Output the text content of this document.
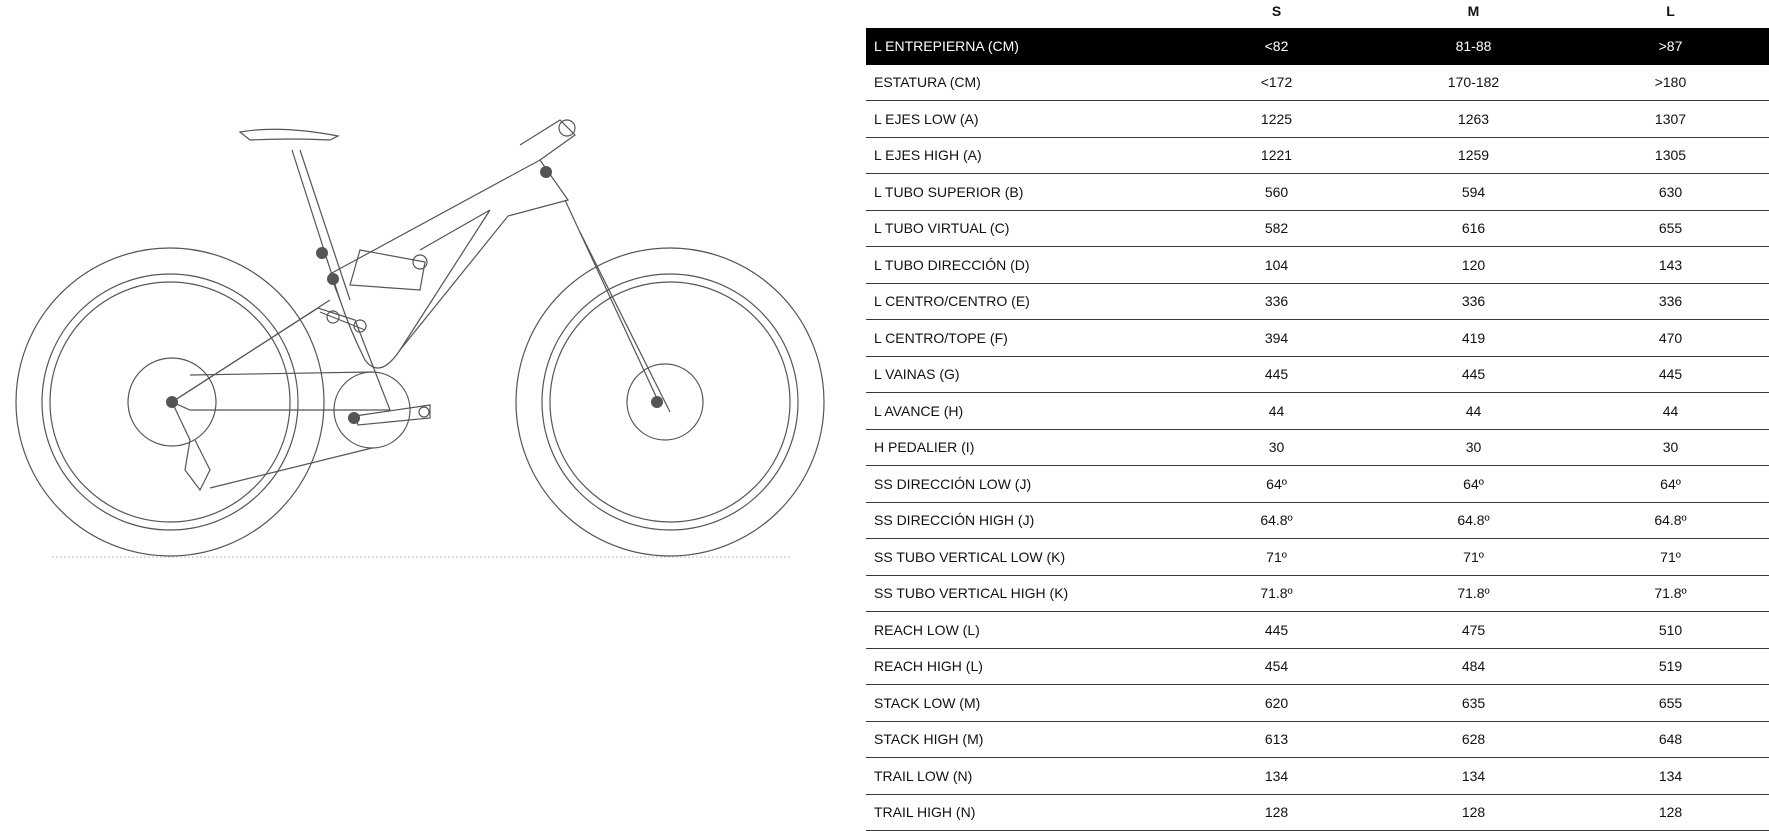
	S	M	L
L ENTREPIERNA (CM)	<82	81-88	>87
ESTATURA (CM)	<172	170-182	>180
L EJES LOW (A)	1225	1263	1307
L EJES HIGH (A)	1221	1259	1305
L TUBO SUPERIOR (B)	560	594	630
L TUBO VIRTUAL (C)	582	616	655
L TUBO DIRECCIÓN (D)	104	120	143
L CENTRO/CENTRO (E)	336	336	336
L CENTRO/TOPE (F)	394	419	470
L VAINAS (G)	445	445	445
L AVANCE (H)	44	44	44
H PEDALIER (I)	30	30	30
SS DIRECCIÓN LOW (J)	64º	64º	64º
SS DIRECCIÓN HIGH (J)	64.8º	64.8º	64.8º
SS TUBO VERTICAL LOW (K)	71º	71º	71º
SS TUBO VERTICAL HIGH (K)	71.8º	71.8º	71.8º
REACH LOW (L)	445	475	510
REACH HIGH (L)	454	484	519
STACK LOW (M)	620	635	655
STACK HIGH (M)	613	628	648
TRAIL LOW (N)	134	134	134
TRAIL HIGH (N)	128	128	128
